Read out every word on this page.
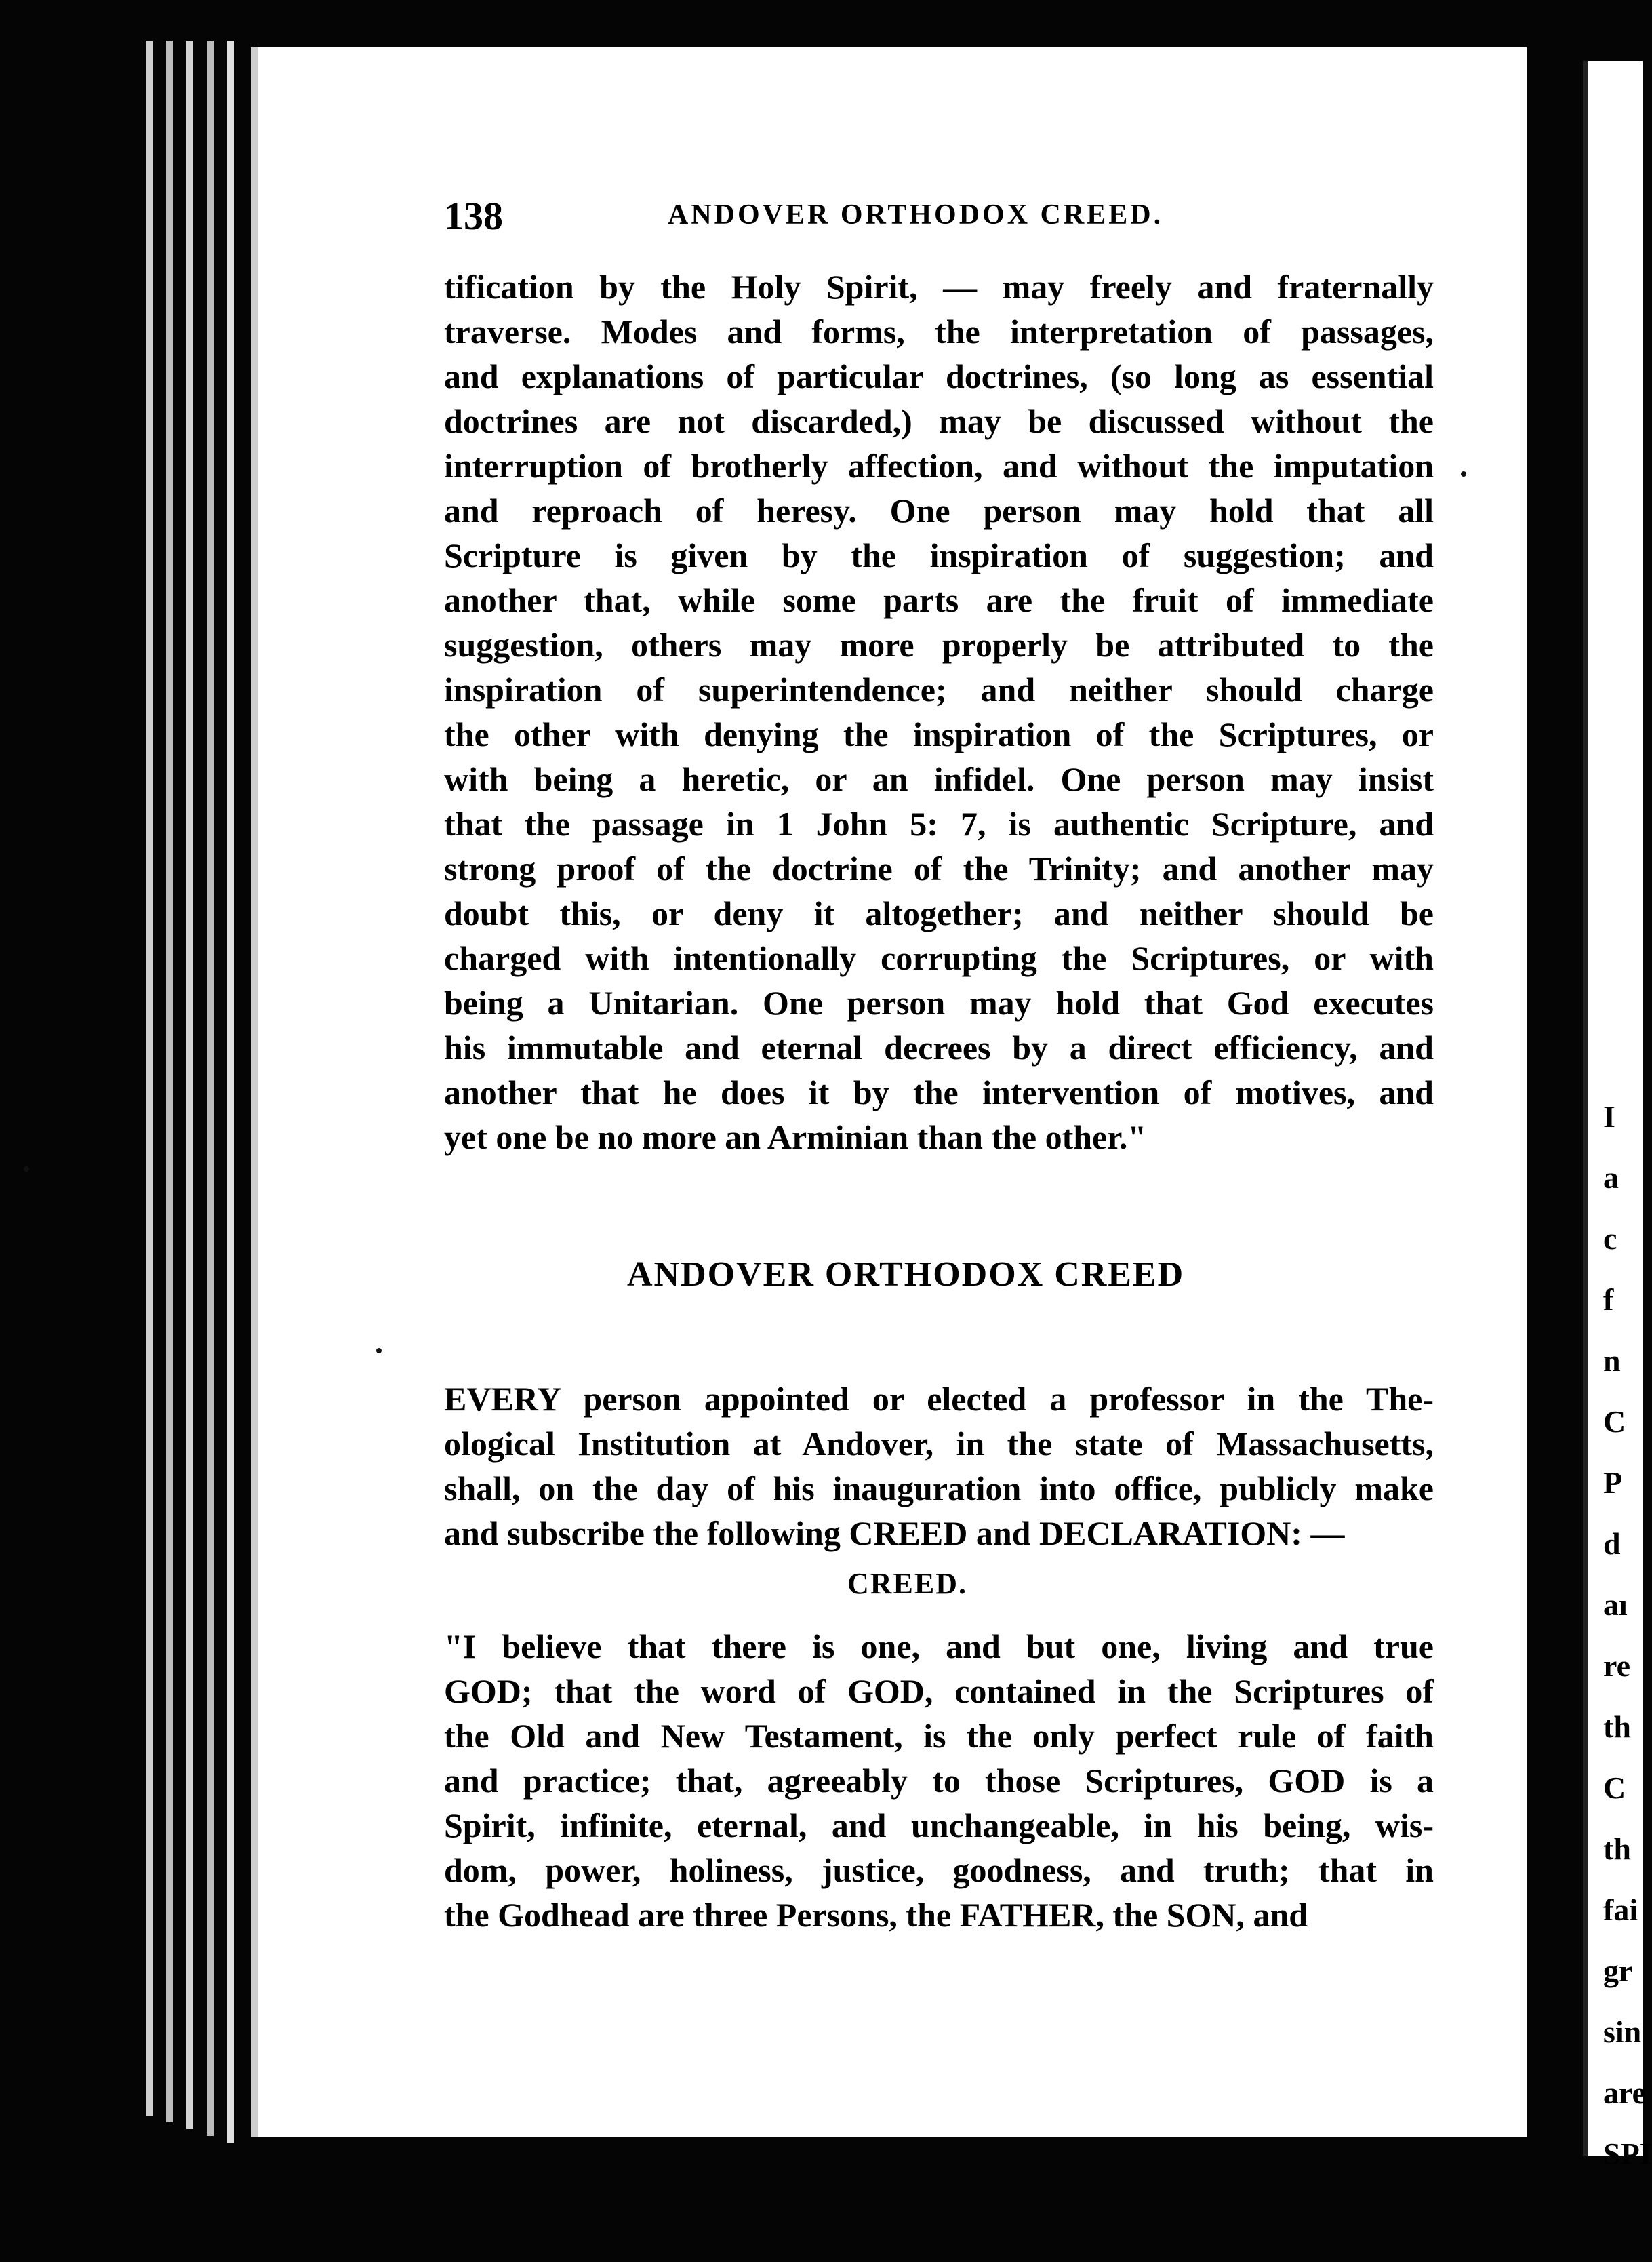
138	ANDOVER ORTHODOX CREED.
tification by the Holy Spirit, — may freely and fraternally
traverse. Modes and forms, the interpretation of passages,
and explanations of particular doctrines, (so long as essential
doctrines are not discarded,) may be discussed without the
interruption of brotherly affection, and without the imputation
and reproach of heresy. One person may hold that all
Scripture is given by the inspiration of suggestion; and
another that, while some parts are the fruit of immediate
suggestion, others may more properly be attributed to the
inspiration of superintendence; and neither should charge
the other with denying the inspiration of the Scriptures, or
with being a heretic, or an infidel. One person may insist
that the passage in 1 John 5: 7, is authentic Scripture, and
strong proof of the doctrine of the Trinity; and another may
doubt this, or deny it altogether; and neither should be
charged with intentionally corrupting the Scriptures, or with
being a Unitarian. One person may hold that God executes
his immutable and eternal decrees by a direct efficiency, and
another that he does it by the intervention of motives, and
yet one be no more an Arminian than the other."
ANDOVER ORTHODOX CREED
EVERY person appointed or elected a professor in the The-
ological Institution at Andover, in the state of Massachusetts,
shall, on the day of his inauguration into office, publicly make
and subscribe the following CREED and DECLARATION: —
CREED.
"I believe that there is one, and but one, living and true
GOD; that the word of GOD, contained in the Scriptures of
the Old and New Testament, is the only perfect rule of faith
and practice; that, agreeably to those Scriptures, GOD is a
Spirit, infinite, eternal, and unchangeable, in his being, wis-
dom, power, holiness, justice, goodness, and truth; that in
the Godhead are three Persons, the FATHER, the SON, and
I
a
c
f
n
C
P
d
aı
re
th
C
th
fai
gr
sin
are
SPI
